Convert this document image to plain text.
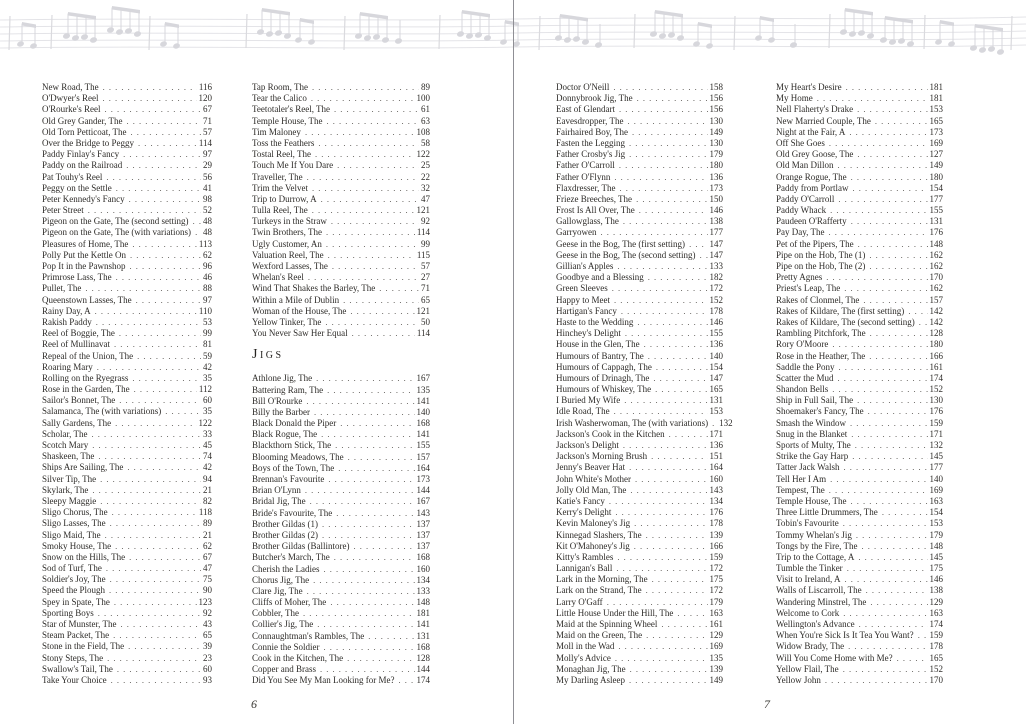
New Road, The . . .	116
O'Dwyer's Reel . . .	120
O'Rourke's Reel . . .	67
Old Grey Gander, The . . .	71
Old Torn Petticoat, The . . .	57
Over the Bridge to Peggy . . .	114
Paddy Finlay's Fancy . . .	97
Paddy on the Railroad . . .	29
Pat Touhy's Reel . . .	56
Peggy on the Settle . . .	41
Peter Kennedy's Fancy . . .	98
Peter Street . . .	52
Pigeon on the Gate, The (second setting) . . . 48
Pigeon on the Gate, The (with variations) . . . 48
Pleasures of Home, The . . .	113
Polly Put the Kettle On . . .	62
Pop It in the Pawnshop . . .	96
Primrose Lass, The . . .	46
Pullet, The . . .	88
Queenstown Lasses, The . . .	97
Rainy Day, A . . .	110
Rakish Paddy . . .	53
Reel of Boggie, The . . .	99
Reel of Mullinavat . . .	81
Repeal of the Union, The . . .	59
Roaring Mary . . .	42
Rolling on the Ryegrass . . .	35
Rose in the Garden, The . . .	112
Sailor's Bonnet, The . . .	60
Salamanca, The (with variations) . . .	35
Sally Gardens, The . . .	122
Scholar, The . . .	33
Scotch Mary . . .	45
Shaskeen, The . . .	74
Ships Are Sailing, The . . .	42
Silver Tip, The . . .	94
Skylark, The . . .	21
Sleepy Maggie . . .	82
Sligo Chorus, The . . .	118
Sligo Lasses, The . . .	89
Sligo Maid, The . . .	21
Smoky House, The . . .	62
Snow on the Hills, The . . .	67
Sod of Turf, The . . .	47
Soldier's Joy, The . . .	75
Speed the Plough . . .	90
Spey in Spate, The . . .	123
Sporting Boys . . .	92
Star of Munster, The . . .	43
Steam Packet, The . . .	65
Stone in the Field, The . . .	39
Stony Steps, The . . .	23
Swallow's Tail, The . . .	60
Take Your Choice . . .	93
Tap Room, The . . .	89
Tear the Calico . . .	100
Teetotaler's Reel, The . . .	61
Temple House, The . . .	63
Tim Maloney . . .	108
Toss the Feathers . . .	58
Tostal Reel, The . . .	122
Touch Me If You Dare . . .	25
Traveller, The . . .	22
Trim the Velvet . . .	32
Trip to Durrow, A . . .	47
Tulla Reel, The . . .	121
Turkeys in the Straw . . .	92
Twin Brothers, The . . .	114
Ugly Customer, An . . .	99
Valuation Reel, The . . .	115
Wexford Lasses, The . . .	57
Whelan's Reel . . .	27
Wind That Shakes the Barley, The . . .	71
Within a Mile of Dublin . . .	65
Woman of the House, The . . .	121
Yellow Tinker, The . . .	50
You Never Saw Her Equal . . .	114
Jigs
Athlone Jig, The . . .	167
Battering Ram, The . . .	135
Bill O'Rourke . . .	141
Billy the Barber . . .	140
Black Donald the Piper . . .	168
Black Rogue, The . . .	141
Blackthorn Stick, The . . .	155
Blooming Meadows, The . . .	157
Boys of the Town, The . . .	164
Brennan's Favourite . . .	173
Brian O'Lynn . . .	144
Bridal Jig, The . . .	167
Bride's Favourite, The . . .	143
Brother Gildas (1) . . .	137
Brother Gildas (2) . . .	137
Brother Gildas (Ballintore) . . .	137
Butcher's March, The . . .	168
Cherish the Ladies . . .	160
Chorus Jig, The . . .	134
Clare Jig, The . . .	133
Cliffs of Moher, The . . .	148
Cobbler, The . . .	181
Collier's Jig, The . . .	141
Connaughtman's Rambles, The . . .	131
Connie the Soldier . . .	168
Cook in the Kitchen, The . . .	128
Copper and Brass . . .	144
Did You See My Man Looking for Me? . . . 174
Doctor O'Neill . . .	158
Donnybrook Jig, The . . .	156
East of Glendart . . .	156
Eavesdropper, The . . .	130
Fairhaired Boy, The . . .	149
Fasten the Legging . . .	130
Father Crosby's Jig . . .	179
Father O'Carroll . . .	180
Father O'Flynn . . .	136
Flaxdresser, The . . .	173
Frieze Breeches, The . . .	150
Frost Is All Over, The . . .	146
Gallowglass, The . . .	138
Garryowen . . .	177
Geese in the Bog, The (first setting) . . .	147
Geese in the Bog, The (second setting) . . . 147
Gillian's Apples . . .	133
Goodbye and a Blessing . . .	182
Green Sleeves . . .	172
Happy to Meet . . .	152
Hartigan's Fancy . . .	178
Haste to the Wedding . . .	146
Hinchey's Delight . . .	155
House in the Glen, The . . .	136
Humours of Bantry, The . . .	140
Humours of Cappagh, The . . .	154
Humours of Drinagh, The . . .	147
Humours of Whiskey, The . . .	165
I Buried My Wife . . .	131
Idle Road, The . . .	153
Irish Washerwoman, The (with variations) . . . 132
Jackson's Cook in the Kitchen . . .	171
Jackson's Delight . . .	136
Jackson's Morning Brush . . .	151
Jenny's Beaver Hat . . .	164
John White's Mother . . .	160
Jolly Old Man, The . . .	143
Katie's Fancy . . .	134
Kerry's Delight . . .	176
Kevin Maloney's Jig . . .	178
Kinnegad Slashers, The . . .	139
Kit O'Mahoney's Jig . . .	166
Kitty's Rambles . . .	159
Lannigan's Ball . . .	172
Lark in the Morning, The . . .	175
Lark on the Strand, The . . .	172
Larry O'Gaff . . .	179
Little House Under the Hill, The . . .	163
Maid at the Spinning Wheel . . .	161
Maid on the Green, The . . .	129
Moll in the Wad . . .	169
Molly's Advice . . .	135
Monaghan Jig, The . . .	139
My Darling Asleep . . .	149
My Heart's Desire . . .	181
My Home . . .	181
Nell Flaherty's Drake . . .	153
New Married Couple, The . . .	165
Night at the Fair, A . . .	173
Off She Goes . . .	169
Old Grey Goose, The . . .	127
Old Man Dillon . . .	149
Orange Rogue, The . . .	180
Paddy from Portlaw . . .	154
Paddy O'Carroll . . .	177
Paddy Whack . . .	155
Paudeen O'Rafferty . . .	131
Pay Day, The . . .	176
Pet of the Pipers, The . . .	148
Pipe on the Hob, The (1) . . .	162
Pipe on the Hob, The (2) . . .	162
Pretty Agnes . . .	170
Priest's Leap, The . . .	162
Rakes of Clonmel, The . . .	157
Rakes of Kildare, The (first setting) . . .	142
Rakes of Kildare, The (second setting) . . . 142
Rambling Pitchfork, The . . .	128
Rory O'Moore . . .	180
Rose in the Heather, The . . .	166
Saddle the Pony . . .	161
Scatter the Mud . . .	174
Shandon Bells . . .	152
Ship in Full Sail, The . . .	130
Shoemaker's Fancy, The . . .	176
Smash the Window . . .	159
Snug in the Blanket . . .	171
Sports of Multy, The . . .	132
Strike the Gay Harp . . .	145
Tatter Jack Walsh . . .	177
Tell Her I Am . . .	140
Tempest, The . . .	169
Temple House, The . . .	163
Three Little Drummers, The . . .	154
Tobin's Favourite . . .	153
Tommy Whelan's Jig . . .	179
Tongs by the Fire, The . . .	148
Trip to the Cottage, A . . .	145
Tumble the Tinker . . .	175
Visit to Ireland, A . . .	146
Walls of Liscarroll, The . . .	138
Wandering Minstrel, The . . .	129
Welcome to Cork . . .	163
Wellington's Advance . . .	174
When You're Sick Is It Tea You Want? . . . 159
Widow Brady, The . . .	178
Will You Come Home with Me? . . .	165
Yellow Flail, The . . .	152
Yellow John . . .	170
6	7
